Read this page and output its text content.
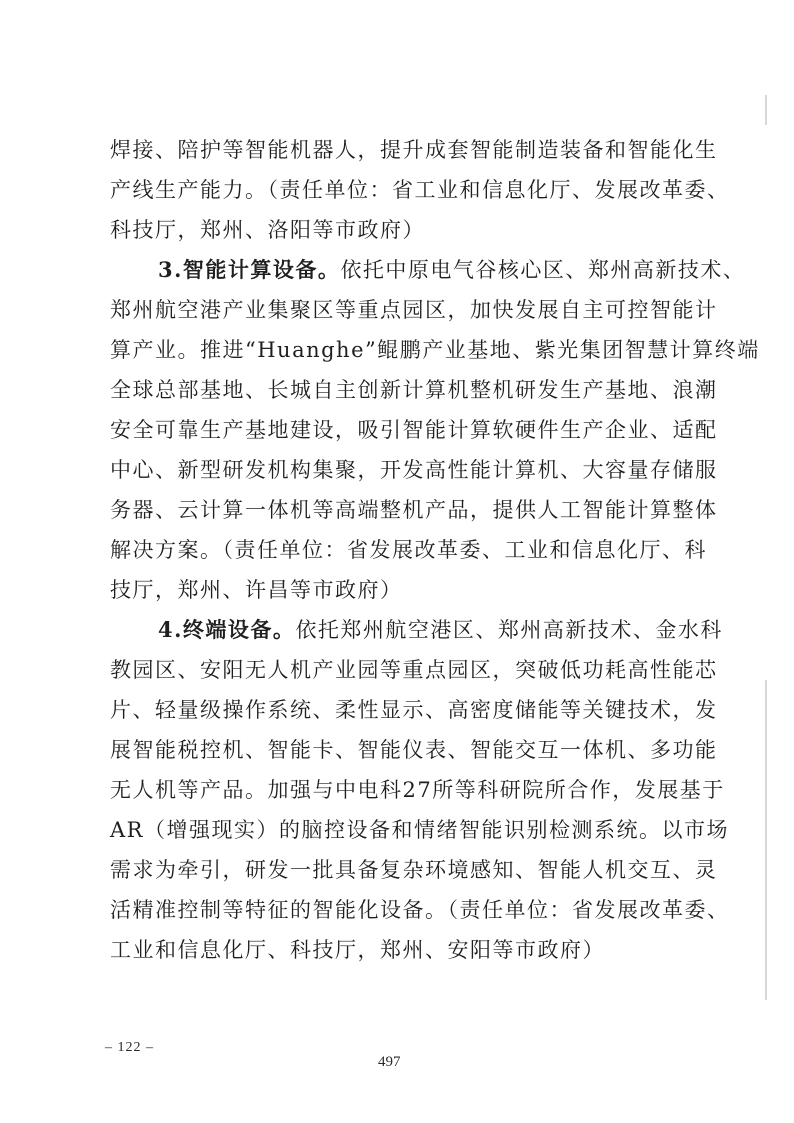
焊接、陪护等智能机器人，提升成套智能制造装备和智能化生
产线生产能力。（责任单位：省工业和信息化厅、发展改革委、
科技厅，郑州、洛阳等市政府）
3.智能计算设备。依托中原电气谷核心区、郑州高新技术、
郑州航空港产业集聚区等重点园区，加快发展自主可控智能计
算产业。推进“Huanghe”鲲鹏产业基地、紫光集团智慧计算终端
全球总部基地、长城自主创新计算机整机研发生产基地、浪潮
安全可靠生产基地建设，吸引智能计算软硬件生产企业、适配
中心、新型研发机构集聚，开发高性能计算机、大容量存储服
务器、云计算一体机等高端整机产品，提供人工智能计算整体
解决方案。（责任单位：省发展改革委、工业和信息化厅、科
技厅，郑州、许昌等市政府）
4.终端设备。依托郑州航空港区、郑州高新技术、金水科
教园区、安阳无人机产业园等重点园区，突破低功耗高性能芯
片、轻量级操作系统、柔性显示、高密度储能等关键技术，发
展智能税控机、智能卡、智能仪表、智能交互一体机、多功能
无人机等产品。加强与中电科27所等科研院所合作，发展基于
AR（增强现实）的脑控设备和情绪智能识别检测系统。以市场
需求为牵引，研发一批具备复杂环境感知、智能人机交互、灵
活精准控制等特征的智能化设备。（责任单位：省发展改革委、
工业和信息化厅、科技厅，郑州、安阳等市政府）
– 122 –
497
